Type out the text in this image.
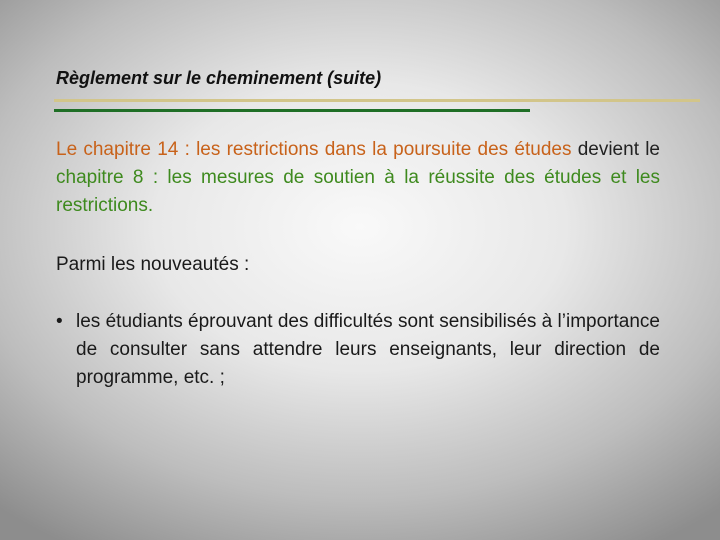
Règlement sur le cheminement (suite)

Le chapitre 14 : les restrictions dans la poursuite des études devient le chapitre 8 : les mesures de soutien à la réussite des études et les restrictions.

Parmi les nouveautés :

• les étudiants éprouvant des difficultés sont sensibilisés à l’importance de consulter sans attendre leurs enseignants, leur direction de programme, etc. ;
